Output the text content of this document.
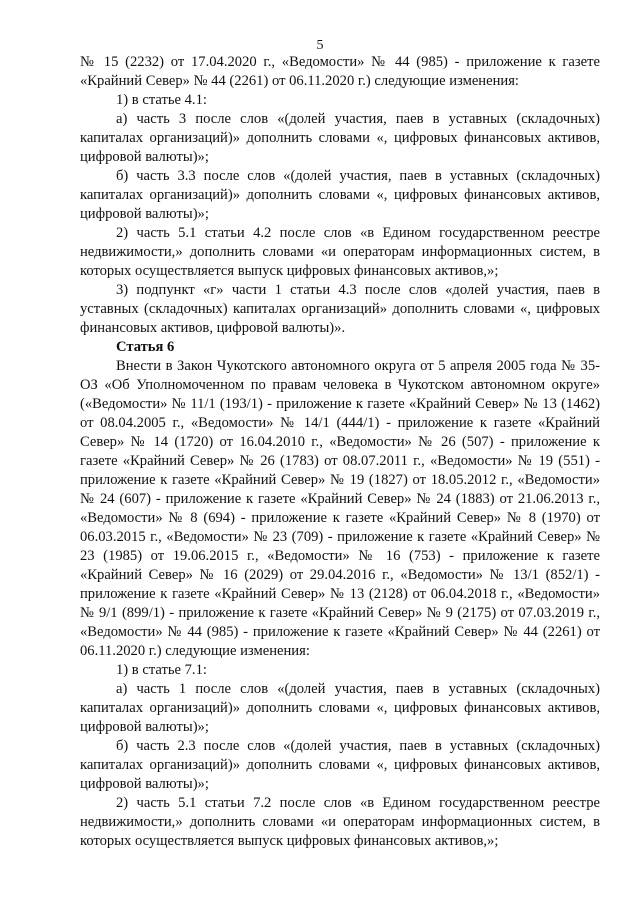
5

№ 15 (2232) от 17.04.2020 г., «Ведомости» № 44 (985) - приложение к газете «Крайний Север» № 44 (2261) от 06.11.2020 г.) следующие изменения:

1) в статье 4.1:

а) часть 3 после слов «(долей участия, паев в уставных (складочных) капиталах организаций)» дополнить словами «, цифровых финансовых активов, цифровой валюты)»;

б) часть 3.3 после слов «(долей участия, паев в уставных (складочных) капиталах организаций)» дополнить словами «, цифровых финансовых активов, цифровой валюты)»;

2) часть 5.1 статьи 4.2 после слов «в Едином государственном реестре недвижимости,» дополнить словами «и операторам информационных систем, в которых осуществляется выпуск цифровых финансовых активов,»;

3) подпункт «г» части 1 статьи 4.3 после слов «долей участия, паев в уставных (складочных) капиталах организаций» дополнить словами «, цифровых финансовых активов, цифровой валюты)».

Статья 6

Внести в Закон Чукотского автономного округа от 5 апреля 2005 года № 35-ОЗ «Об Уполномоченном по правам человека в Чукотском автономном округе» («Ведомости» № 11/1 (193/1) - приложение к газете «Крайний Север» № 13 (1462) от 08.04.2005 г., «Ведомости» № 14/1 (444/1) - приложение к газете «Крайний Север» № 14 (1720) от 16.04.2010 г., «Ведомости» № 26 (507) - приложение к газете «Крайний Север» № 26 (1783) от 08.07.2011 г., «Ведомости» № 19 (551) - приложение к газете «Крайний Север» № 19 (1827) от 18.05.2012 г., «Ведомости» № 24 (607) - приложение к газете «Крайний Север» № 24 (1883) от 21.06.2013 г., «Ведомости» № 8 (694) - приложение к газете «Крайний Север» № 8 (1970) от 06.03.2015 г., «Ведомости» № 23 (709) - приложение к газете «Крайний Север» № 23 (1985) от 19.06.2015 г., «Ведомости» № 16 (753) - приложение к газете «Крайний Север» № 16 (2029) от 29.04.2016 г., «Ведомости» № 13/1 (852/1) - приложение к газете «Крайний Север» № 13 (2128) от 06.04.2018 г., «Ведомости» № 9/1 (899/1) - приложение к газете «Крайний Север» № 9 (2175) от 07.03.2019 г., «Ведомости» № 44 (985) - приложение к газете «Крайний Север» № 44 (2261) от 06.11.2020 г.) следующие изменения:

1) в статье 7.1:

а) часть 1 после слов «(долей участия, паев в уставных (складочных) капиталах организаций)» дополнить словами «, цифровых финансовых активов, цифровой валюты)»;

б) часть 2.3 после слов «(долей участия, паев в уставных (складочных) капиталах организаций)» дополнить словами «, цифровых финансовых активов, цифровой валюты)»;

2) часть 5.1 статьи 7.2 после слов «в Едином государственном реестре недвижимости,» дополнить словами «и операторам информационных систем, в которых осуществляется выпуск цифровых финансовых активов,»;
